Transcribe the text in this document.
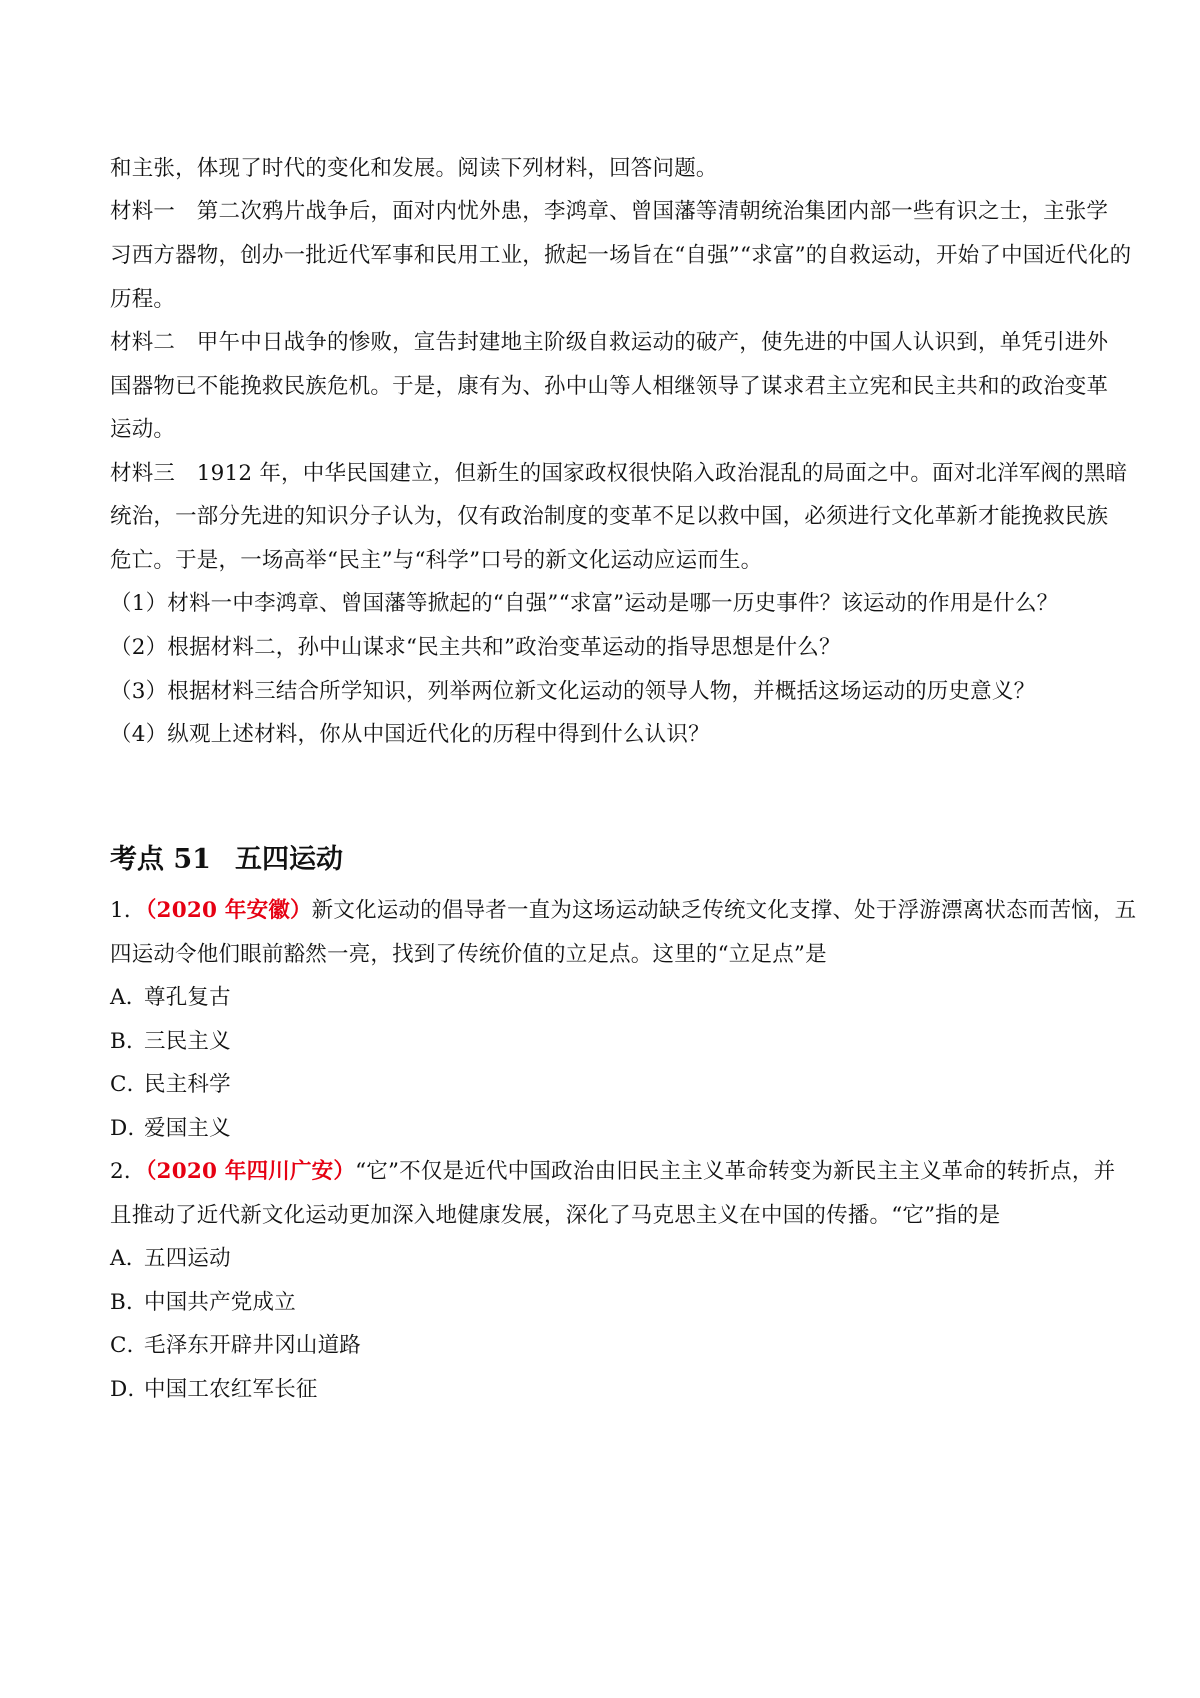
和主张，体现了时代的变化和发展。阅读下列材料，回答问题。
材料一　第二次鸦片战争后，面对内忧外患，李鸿章、曾国藩等清朝统治集团内部一些有识之士，主张学
习西方器物，创办一批近代军事和民用工业，掀起一场旨在“自强”“求富”的自救运动，开始了中国近代化的
历程。
材料二　甲午中日战争的惨败，宣告封建地主阶级自救运动的破产，使先进的中国人认识到，单凭引进外
国器物已不能挽救民族危机。于是，康有为、孙中山等人相继领导了谋求君主立宪和民主共和的政治变革
运动。
材料三　1912 年，中华民国建立，但新生的国家政权很快陷入政治混乱的局面之中。面对北洋军阀的黑暗
统治，一部分先进的知识分子认为，仅有政治制度的变革不足以救中国，必须进行文化革新才能挽救民族
危亡。于是，一场高举“民主”与“科学”口号的新文化运动应运而生。
（1）材料一中李鸿章、曾国藩等掀起的“自强”“求富”运动是哪一历史事件？该运动的作用是什么？
（2）根据材料二，孙中山谋求“民主共和”政治变革运动的指导思想是什么？
（3）根据材料三结合所学知识，列举两位新文化运动的领导人物，并概括这场运动的历史意义？
（4）纵观上述材料，你从中国近代化的历程中得到什么认识？
考点 51 五四运动
1．（2020 年安徽）新文化运动的倡导者一直为这场运动缺乏传统文化支撑、处于浮游漂离状态而苦恼，五
四运动令他们眼前豁然一亮，找到了传统价值的立足点。这里的“立足点”是
A．尊孔复古
B．三民主义
C．民主科学
D．爱国主义
2．（2020 年四川广安）“它”不仅是近代中国政治由旧民主主义革命转变为新民主主义革命的转折点，并
且推动了近代新文化运动更加深入地健康发展，深化了马克思主义在中国的传播。“它”指的是
A．五四运动
B．中国共产党成立
C．毛泽东开辟井冈山道路
D．中国工农红军长征
